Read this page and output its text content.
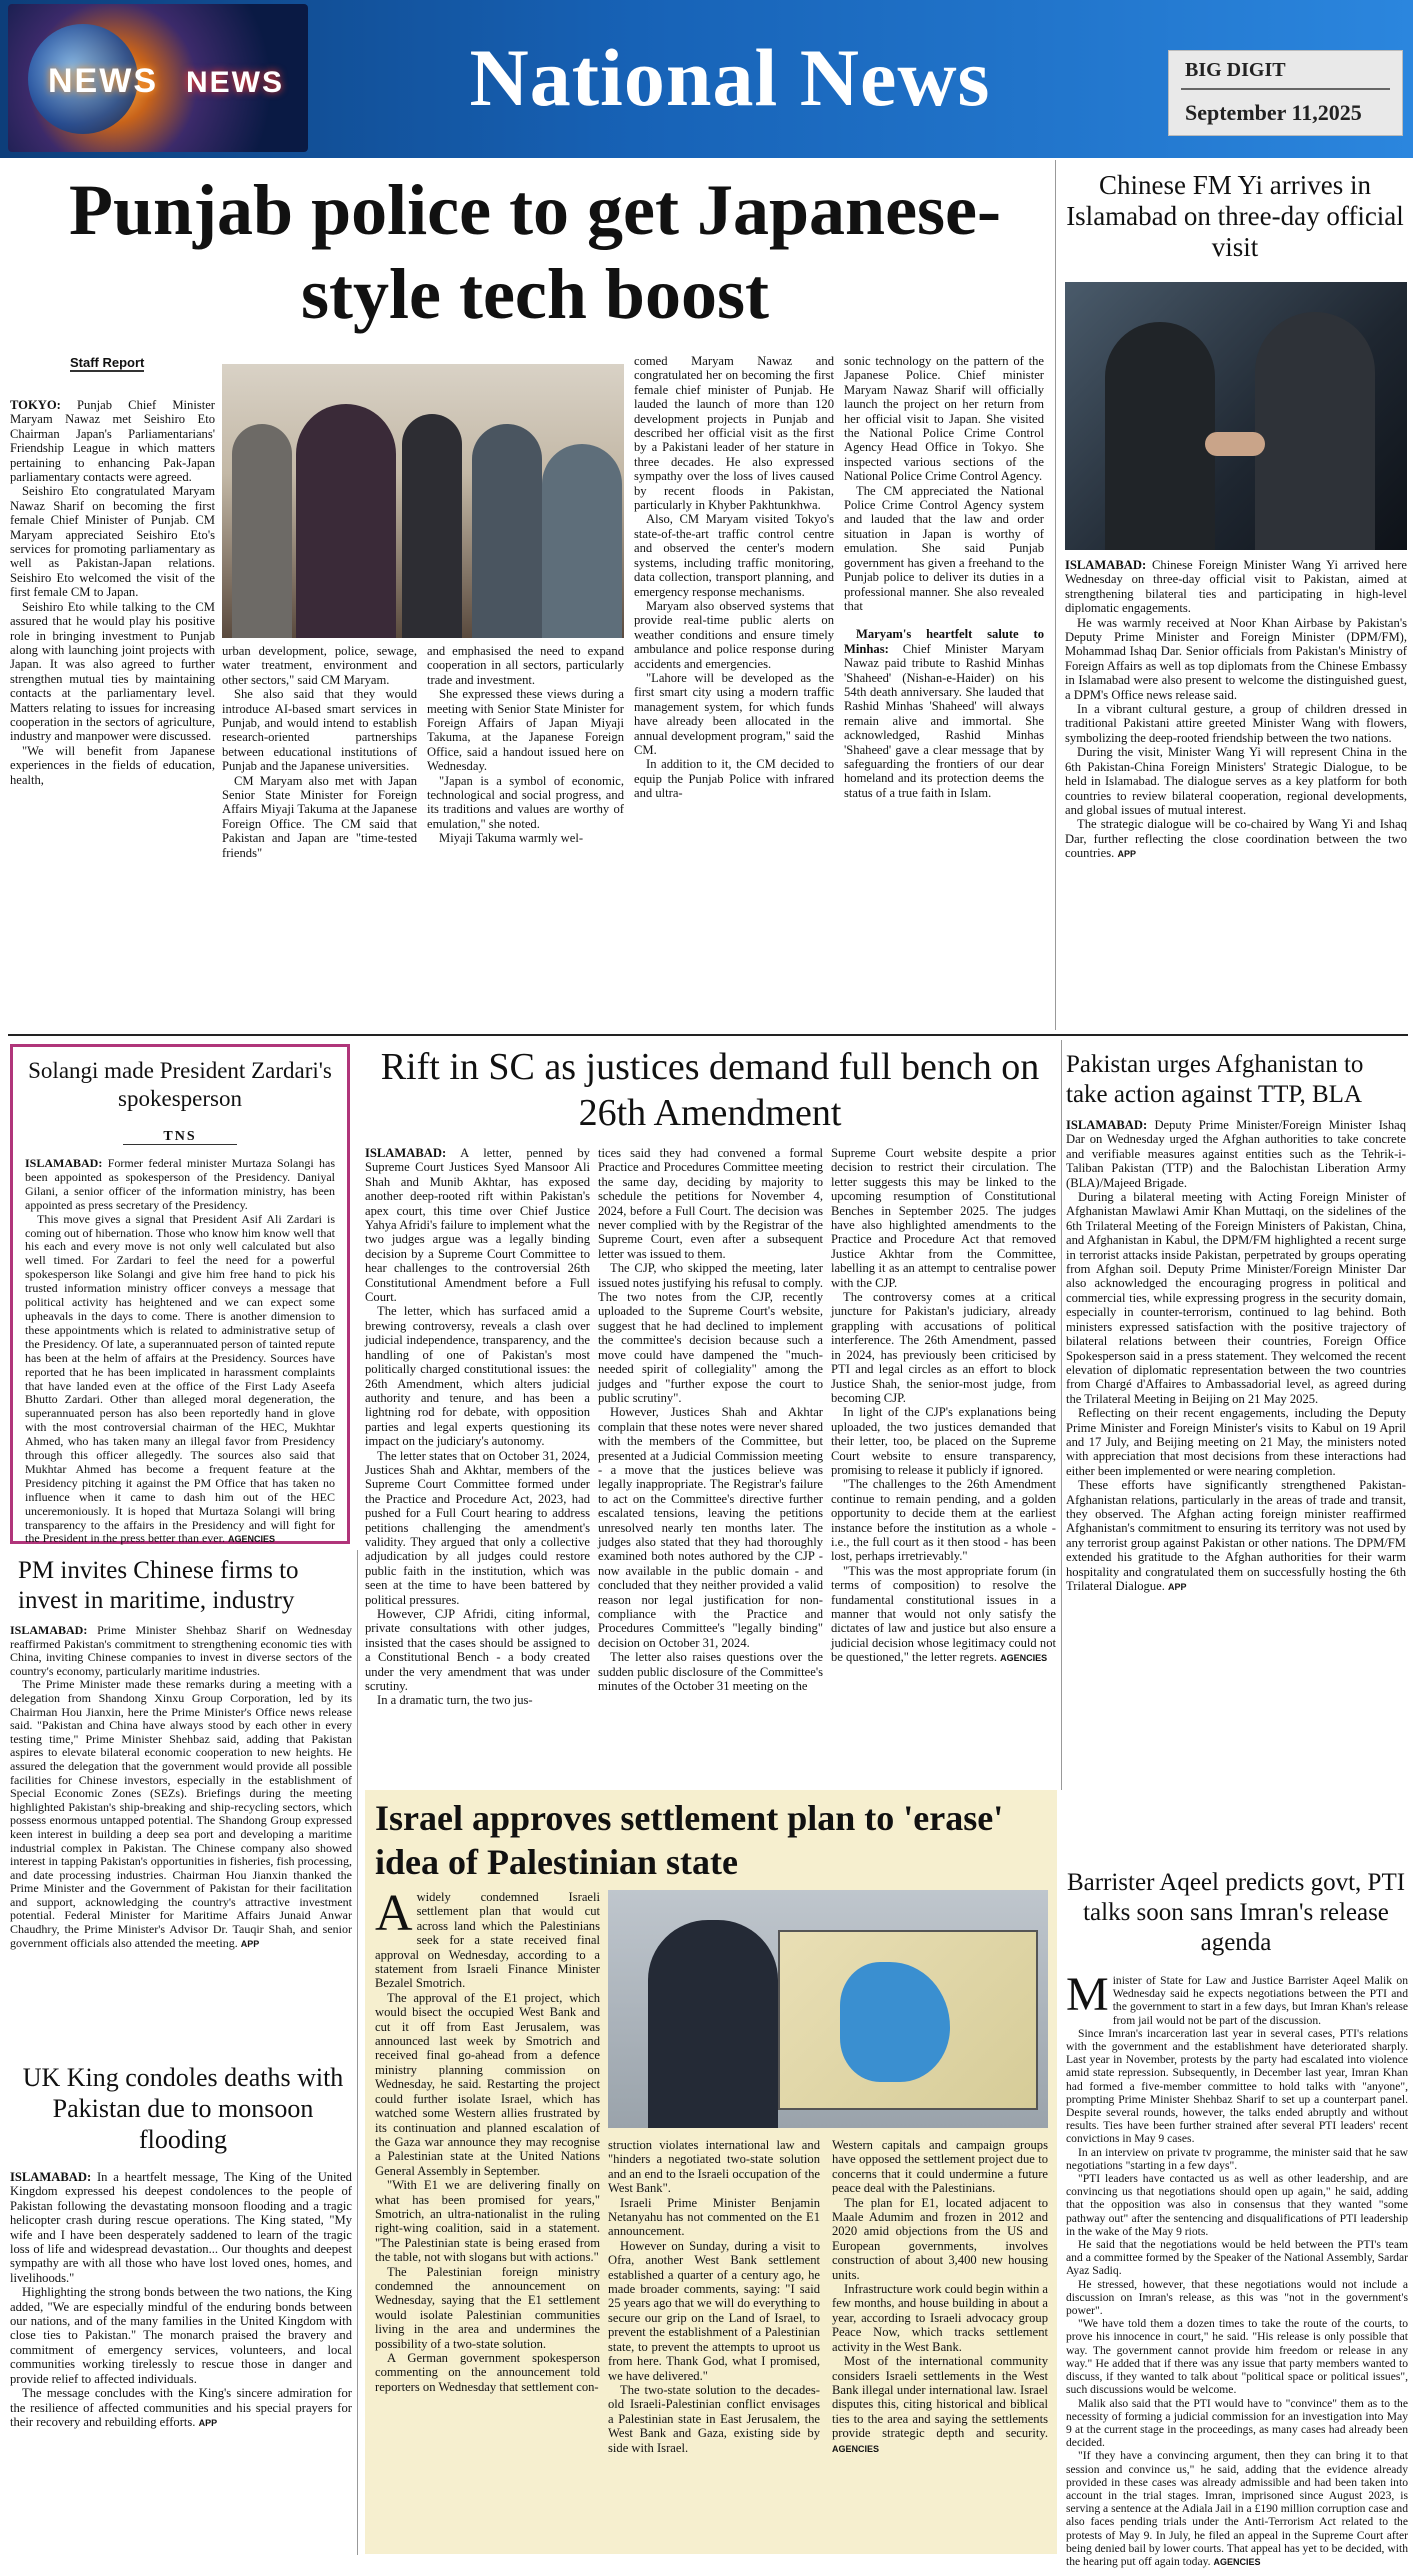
NEWS NEWS	National News	BIG DIGIT
September 11,2025
Punjab police to get Japanese-style tech boost
Staff Report

TOKYO: Punjab Chief Minister Maryam Nawaz met Seishiro Eto Chairman Japan's Parliamentarians' Friendship League in which matters pertaining to enhancing Pak-Japan parliamentary contacts were agreed.

Seishiro Eto congratulated Maryam Nawaz Sharif on becoming the first female Chief Minister of Punjab. CM Maryam appreciated Seishiro Eto's services for promoting parliamentary as well as Pakistan-Japan relations. Seishiro Eto welcomed the visit of the first female CM to Japan.

Seishiro Eto while talking to the CM assured that he would play his positive role in bringing investment to Punjab along with launching joint projects with Japan. It was also agreed to further strengthen mutual ties by maintaining contacts at the parliamentary level. Matters relating to issues for increasing cooperation in the sectors of agriculture, industry and manpower were discussed.

"We will benefit from Japanese experiences in the fields of education, health,

urban development, police, sewage, water treatment, environment and other sectors," said CM Maryam.

She also said that they would introduce AI-based smart services in Punjab, and would intend to establish research-oriented partnerships between educational institutions of Punjab and the Japanese universities.

CM Maryam also met with Japan Senior State Minister for Foreign Affairs Miyaji Takuma at the Japanese Foreign Office. The CM said that Pakistan and Japan are "time-tested friends"

and emphasised the need to expand cooperation in all sectors, particularly trade and investment.

She expressed these views during a meeting with Senior State Minister for Foreign Affairs of Japan Miyaji Takuma, at the Japanese Foreign Office, said a handout issued here on Wednesday.

"Japan is a symbol of economic, technological and social progress, and its traditions and values are worthy of emulation," she noted.

Miyaji Takuma warmly wel-

comed Maryam Nawaz and congratulated her on becoming the first female chief minister of Punjab. He lauded the launch of more than 120 development projects in Punjab and described her official visit as the first by a Pakistani leader of her stature in three decades. He also expressed sympathy over the loss of lives caused by recent floods in Pakistan, particularly in Khyber Pakhtunkhwa.

Also, CM Maryam visited Tokyo's state-of-the-art traffic control centre and observed the center's modern systems, including traffic monitoring, data collection, transport planning, and emergency response mechanisms.

Maryam also observed systems that provide real-time public alerts on weather conditions and ensure timely ambulance and police response during accidents and emergencies.

"Lahore will be developed as the first smart city using a modern traffic management system, for which funds have already been allocated in the annual development program," said the CM.

In addition to it, the CM decided to equip the Punjab Police with infrared and ultra-

sonic technology on the pattern of the Japanese Police. Chief minister Maryam Nawaz Sharif will officially launch the project on her return from her official visit to Japan. She visited the National Police Crime Control Agency Head Office in Tokyo. She inspected various sections of the National Police Crime Control Agency.

The CM appreciated the National Police Crime Control Agency system and lauded that the law and order situation in Japan is worthy of emulation. She said Punjab government has given a freehand to the Punjab police to deliver its duties in a professional manner. She also revealed that

Maryam's heartfelt salute to Minhas: Chief Minister Maryam Nawaz paid tribute to Rashid Minhas 'Shaheed' (Nishan-e-Haider) on his 54th death anniversary. She lauded that Rashid Minhas 'Shaheed' will always remain alive and immortal. She acknowledged, Rashid Minhas 'Shaheed' gave a clear message that by safeguarding the frontiers of our dear homeland and its protection deems the status of a true faith in Islam.

Chinese FM Yi arrives in Islamabad on three-day official visit

ISLAMABAD: Chinese Foreign Minister Wang Yi arrived here Wednesday on three-day official visit to Pakistan, aimed at strengthening bilateral ties and participating in high-level diplomatic engagements.

He was warmly received at Noor Khan Airbase by Pakistan's Deputy Prime Minister and Foreign Minister (DPM/FM), Mohammad Ishaq Dar. Senior officials from Pakistan's Ministry of Foreign Affairs as well as top diplomats from the Chinese Embassy in Islamabad were also present to welcome the distinguished guest, a DPM's Office news release said.

In a vibrant cultural gesture, a group of children dressed in traditional Pakistani attire greeted Minister Wang with flowers, symbolizing the deep-rooted friendship between the two nations.

During the visit, Minister Wang Yi will represent China in the 6th Pakistan-China Foreign Ministers' Strategic Dialogue, to be held in Islamabad. The dialogue serves as a key platform for both countries to review bilateral cooperation, regional developments, and global issues of mutual interest.

The strategic dialogue will be co-chaired by Wang Yi and Ishaq Dar, further reflecting the close coordination between the two countries. APP

Solangi made President Zardari's spokesperson
TNS

ISLAMABAD: Former federal minister Murtaza Solangi has been appointed as spokesperson of the Presidency. Daniyal Gilani, a senior officer of the information ministry, has been appointed as press secretary of the Presidency.

This move gives a signal that President Asif Ali Zardari is coming out of hibernation. Those who know him know well that his each and every move is not only well calculated but also well timed. For Zardari to feel the need for a powerful spokesperson like Solangi and give him free hand to pick his trusted information ministry officer conveys a message that political activity has heightened and we can expect some upheavals in the days to come. There is another dimension to these appointments which is related to administrative setup of the Presidency. Of late, a superannuated person of tainted repute has been at the helm of affairs at the Presidency. Sources have reported that he has been implicated in harassment complaints that have landed even at the office of the First Lady Aseefa Bhutto Zardari. Other than alleged moral degeneration, the superannuated person has also been reportedly hand in glove with the most controversial chairman of the HEC, Mukhtar Ahmed, who has taken many an illegal favor from Presidency through this officer allegedly. The sources also said that Mukhtar Ahmed has become a frequent feature at the Presidency pitching it against the PM Office that has taken no influence when it came to dash him out of the HEC unceremoniously. It is hoped that Murtaza Solangi will bring transparency to the affairs in the Presidency and will fight for the President in the press better than ever. AGENCIES

Rift in SC as justices demand full bench on 26th Amendment

ISLAMABAD: A letter, penned by Supreme Court Justices Syed Mansoor Ali Shah and Munib Akhtar, has exposed another deep-rooted rift within Pakistan's apex court, this time over Chief Justice Yahya Afridi's failure to implement what the two judges argue was a legally binding decision by a Supreme Court Committee to hear challenges to the controversial 26th Constitutional Amendment before a Full Court.

The letter, which has surfaced amid a brewing controversy, reveals a clash over judicial independence, transparency, and the handling of one of Pakistan's most politically charged constitutional issues: the 26th Amendment, which alters judicial authority and tenure, and has been a lightning rod for debate, with opposition parties and legal experts questioning its impact on the judiciary's autonomy.

The letter states that on October 31, 2024, Justices Shah and Akhtar, members of the Supreme Court Committee formed under the Practice and Procedure Act, 2023, had pushed for a Full Court hearing to address petitions challenging the amendment's validity. They argued that only a collective adjudication by all judges could restore public faith in the institution, which was seen at the time to have been battered by political pressures.

However, CJP Afridi, citing informal, private consultations with other judges, insisted that the cases should be assigned to a Constitutional Bench - a body created under the very amendment that was under scrutiny.

In a dramatic turn, the two jus-

tices said they had convened a formal Practice and Procedures Committee meeting the same day, deciding by majority to schedule the petitions for November 4, 2024, before a Full Court. The decision was never complied with by the Registrar of the Supreme Court, even after a subsequent letter was issued to them.

The CJP, who skipped the meeting, later issued notes justifying his refusal to comply. The two notes from the CJP, recently uploaded to the Supreme Court's website, suggest that he had declined to implement the committee's decision because such a move could have dampened the "much-needed spirit of collegiality" among the judges and "further expose the court to public scrutiny".

However, Justices Shah and Akhtar complain that these notes were never shared with the members of the Committee, but presented at a Judicial Commission meeting - a move that the justices believe was legally inappropriate. The Registrar's failure to act on the Committee's directive further escalated tensions, leaving the petitions unresolved nearly ten months later. The judges also stated that they had thoroughly examined both notes authored by the CJP - now available in the public domain - and concluded that they neither provided a valid reason nor legal justification for non-compliance with the Practice and Procedures Committee's "legally binding" decision on October 31, 2024.

The letter also raises questions over the sudden public disclosure of the Committee's minutes of the October 31 meeting on the

Supreme Court website despite a prior decision to restrict their circulation. The letter suggests this may be linked to the upcoming resumption of Constitutional Benches in September 2025. The judges have also highlighted amendments to the Practice and Procedure Act that removed Justice Akhtar from the Committee, labelling it as an attempt to centralise power with the CJP.

The controversy comes at a critical juncture for Pakistan's judiciary, already grappling with accusations of political interference. The 26th Amendment, passed in 2024, has previously been criticised by PTI and legal circles as an effort to block Justice Shah, the senior-most judge, from becoming CJP.

In light of the CJP's explanations being uploaded, the two justices demanded that their letter, too, be placed on the Supreme Court website to ensure transparency, promising to release it publicly if ignored.

"The challenges to the 26th Amendment continue to remain pending, and a golden opportunity to decide them at the earliest instance before the institution as a whole - i.e., the full court as it then stood - has been lost, perhaps irretrievably."

"This was the most appropriate forum (in terms of composition) to resolve the fundamental constitutional issues in a manner that would not only satisfy the dictates of law and justice but also ensure a judicial decision whose legitimacy could not be questioned," the letter regrets. AGENCIES

Pakistan urges Afghanistan to take action against TTP, BLA

ISLAMABAD: Deputy Prime Minister/Foreign Minister Ishaq Dar on Wednesday urged the Afghan authorities to take concrete and verifiable measures against entities such as the Tehrik-i-Taliban Pakistan (TTP) and the Balochistan Liberation Army (BLA)/Majeed Brigade.

During a bilateral meeting with Acting Foreign Minister of Afghanistan Mawlawi Amir Khan Muttaqi, on the sidelines of the 6th Trilateral Meeting of the Foreign Ministers of Pakistan, China, and Afghanistan in Kabul, the DPM/FM highlighted a recent surge in terrorist attacks inside Pakistan, perpetrated by groups operating from Afghan soil. Deputy Prime Minister/Foreign Minister Dar also acknowledged the encouraging progress in political and commercial ties, while expressing progress in the security domain, especially in counter-terrorism, continued to lag behind. Both ministers expressed satisfaction with the positive trajectory of bilateral relations between their countries, Foreign Office Spokesperson said in a press statement. They welcomed the recent elevation of diplomatic representation between the two countries from Chargé d'Affaires to Ambassadorial level, as agreed during the Trilateral Meeting in Beijing on 21 May 2025.

Reflecting on their recent engagements, including the Deputy Prime Minister and Foreign Minister's visits to Kabul on 19 April and 17 July, and Beijing meeting on 21 May, the ministers noted with appreciation that most decisions from these interactions had either been implemented or were nearing completion.

These efforts have significantly strengthened Pakistan-Afghanistan relations, particularly in the areas of trade and transit, they observed. The Afghan acting foreign minister reaffirmed Afghanistan's commitment to ensuring its territory was not used by any terrorist group against Pakistan or other nations. The DPM/FM extended his gratitude to the Afghan authorities for their warm hospitality and congratulated them on successfully hosting the 6th Trilateral Dialogue. APP

PM invites Chinese firms to invest in maritime, industry

ISLAMABAD: Prime Minister Shehbaz Sharif on Wednesday reaffirmed Pakistan's commitment to strengthening economic ties with China, inviting Chinese companies to invest in diverse sectors of the country's economy, particularly maritime industries.

The Prime Minister made these remarks during a meeting with a delegation from Shandong Xinxu Group Corporation, led by its Chairman Hou Jianxin, here the Prime Minister's Office news release said. "Pakistan and China have always stood by each other in every testing time," Prime Minister Shehbaz said, adding that Pakistan aspires to elevate bilateral economic cooperation to new heights. He assured the delegation that the government would provide all possible facilities for Chinese investors, especially in the establishment of Special Economic Zones (SEZs). Briefings during the meeting highlighted Pakistan's ship-breaking and ship-recycling sectors, which possess enormous untapped potential. The Shandong Group expressed keen interest in building a deep sea port and developing a maritime industrial complex in Pakistan. The Chinese company also showed interest in tapping Pakistan's opportunities in fisheries, fish processing, and date processing industries. Chairman Hou Jianxin thanked the Prime Minister and the Government of Pakistan for their facilitation and support, acknowledging the country's attractive investment potential. Federal Minister for Maritime Affairs Junaid Anwar Chaudhry, the Prime Minister's Advisor Dr. Tauqir Shah, and senior government officials also attended the meeting. APP

UK King condoles deaths with Pakistan due to monsoon flooding

ISLAMABAD: In a heartfelt message, The King of the United Kingdom expressed his deepest condolences to the people of Pakistan following the devastating monsoon flooding and a tragic helicopter crash during rescue operations. The King stated, "My wife and I have been desperately saddened to learn of the tragic loss of life and widespread devastation... Our thoughts and deepest sympathy are with all those who have lost loved ones, homes, and livelihoods."

Highlighting the strong bonds between the two nations, the King added, "We are especially mindful of the enduring bonds between our nations, and of the many families in the United Kingdom with close ties to Pakistan." The monarch praised the bravery and commitment of emergency services, volunteers, and local communities working tirelessly to rescue those in danger and provide relief to affected individuals.

The message concludes with the King's sincere admiration for the resilience of affected communities and his special prayers for their recovery and rebuilding efforts. APP

Israel approves settlement plan to 'erase' idea of Palestinian state

Awidely condemned Israeli settlement plan that would cut across land which the Palestinians seek for a state received final approval on Wednesday, according to a statement from Israeli Finance Minister Bezalel Smotrich.

The approval of the E1 project, which would bisect the occupied West Bank and cut it off from East Jerusalem, was announced last week by Smotrich and received final go-ahead from a defence ministry planning commission on Wednesday, he said. Restarting the project could further isolate Israel, which has watched some Western allies frustrated by its continuation and planned escalation of the Gaza war announce they may recognise a Palestinian state at the United Nations General Assembly in September.

"With E1 we are delivering finally on what has been promised for years," Smotrich, an ultra-nationalist in the ruling right-wing coalition, said in a statement. "The Palestinian state is being erased from the table, not with slogans but with actions."

The Palestinian foreign ministry condemned the announcement on Wednesday, saying that the E1 settlement would isolate Palestinian communities living in the area and undermines the possibility of a two-state solution.

A German government spokesperson commenting on the announcement told reporters on Wednesday that settlement con-

struction violates international law and "hinders a negotiated two-state solution and an end to the Israeli occupation of the West Bank".

Israeli Prime Minister Benjamin Netanyahu has not commented on the E1 announcement.

However on Sunday, during a visit to Ofra, another West Bank settlement established a quarter of a century ago, he made broader comments, saying: "I said 25 years ago that we will do everything to secure our grip on the Land of Israel, to prevent the establishment of a Palestinian state, to prevent the attempts to uproot us from here. Thank God, what I promised, we have delivered."

The two-state solution to the decades-old Israeli-Palestinian conflict envisages a Palestinian state in East Jerusalem, the West Bank and Gaza, existing side by side with Israel.

Western capitals and campaign groups have opposed the settlement project due to concerns that it could undermine a future peace deal with the Palestinians.

The plan for E1, located adjacent to Maale Adumim and frozen in 2012 and 2020 amid objections from the US and European governments, involves construction of about 3,400 new housing units.

Infrastructure work could begin within a few months, and house building in about a year, according to Israeli advocacy group Peace Now, which tracks settlement activity in the West Bank.

Most of the international community considers Israeli settlements in the West Bank illegal under international law. Israel disputes this, citing historical and biblical ties to the area and saying the settlements provide strategic depth and security. AGENCIES

Barrister Aqeel predicts govt, PTI talks soon sans Imran's release agenda

Minister of State for Law and Justice Barrister Aqeel Malik on Wednesday said he expects negotiations between the PTI and the government to start in a few days, but Imran Khan's release from jail would not be part of the discussion.

Since Imran's incarceration last year in several cases, PTI's relations with the government and the establishment have deteriorated sharply. Last year in November, protests by the party had escalated into violence amid state repression. Subsequently, in December last year, Imran Khan had formed a five-member committee to hold talks with "anyone", prompting Prime Minister Shehbaz Sharif to set up a counterpart panel. Despite several rounds, however, the talks ended abruptly and without results. Ties have been further strained after several PTI leaders' recent convictions in May 9 cases.

In an interview on private tv programme, the minister said that he saw negotiations "starting in a few days".

"PTI leaders have contacted us as well as other leadership, and are convincing us that negotiations should open up again," he said, adding that the opposition was also in consensus that they wanted "some pathway out" after the sentencing and disqualifications of PTI leadership in the wake of the May 9 riots.

He said that the negotiations would be held between the PTI's team and a committee formed by the Speaker of the National Assembly, Sardar Ayaz Sadiq.

He stressed, however, that these negotiations would not include a discussion on Imran's release, as this was "not in the government's power".

"We have told them a dozen times to take the route of the courts, to prove his innocence in court," he said. "His release is only possible that way. The government cannot provide him freedom or release in any way." He added that if there was any issue that party members wanted to discuss, if they wanted to talk about "political space or political issues", such discussions would be welcome.

Malik also said that the PTI would have to "convince" them as to the necessity of forming a judicial commission for an investigation into May 9 at the current stage in the proceedings, as many cases had already been decided.

"If they have a convincing argument, then they can bring it to that session and convince us," he said, adding that the evidence already provided in these cases was already admissible and had been taken into account in the trial stages. Imran, imprisoned since August 2023, is serving a sentence at the Adiala Jail in a £190 million corruption case and also faces pending trials under the Anti-Terrorism Act related to the protests of May 9. In July, he filed an appeal in the Supreme Court after being denied bail by lower courts. That appeal has yet to be decided, with the hearing put off again today. AGENCIES
